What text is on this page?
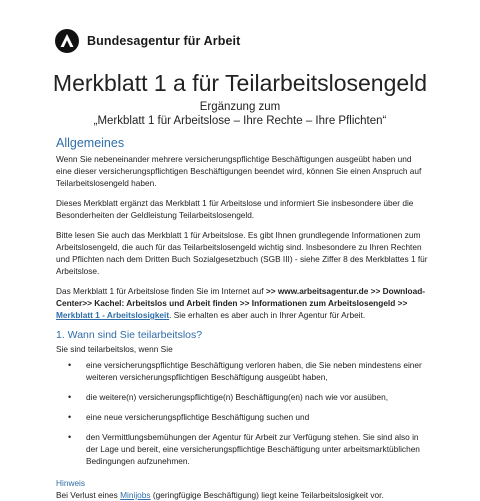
Bundesagentur für Arbeit
Merkblatt 1 a für Teilarbeitslosengeld
Ergänzung zum
„Merkblatt 1 für Arbeitslose – Ihre Rechte – Ihre Pflichten“
Allgemeines

Wenn Sie nebeneinander mehrere versicherungspflichtige Beschäftigungen ausgeübt haben und eine dieser versicherungspflichtigen Beschäftigungen beendet wird, können Sie einen Anspruch auf Teilarbeitslosengeld haben.

Dieses Merkblatt ergänzt das Merkblatt 1 für Arbeitslose und informiert Sie insbesondere über die Besonderheiten der Geldleistung Teilarbeitslosengeld.

Bitte lesen Sie auch das Merkblatt 1 für Arbeitslose. Es gibt Ihnen grundlegende Informationen zum Arbeitslosengeld, die auch für das Teilarbeitslosengeld wichtig sind. Insbesondere zu Ihren Rechten und Pflichten nach dem Dritten Buch Sozialgesetzbuch (SGB III) - siehe Ziffer 8 des Merkblattes 1 für Arbeitslose.

Das Merkblatt 1 für Arbeitslose finden Sie im Internet auf >> www.arbeitsagentur.de >> Download-Center>> Kachel: Arbeitslos und Arbeit finden >> Informationen zum Arbeitslosengeld >> Merkblatt 1 - Arbeitslosigkeit. Sie erhalten es aber auch in Ihrer Agentur für Arbeit.

1. Wann sind Sie teilarbeitslos?
Sie sind teilarbeitslos, wenn Sie
• eine versicherungspflichtige Beschäftigung verloren haben, die Sie neben mindestens einer weiteren versicherungspflichtigen Beschäftigung ausgeübt haben,
• die weitere(n) versicherungspflichtige(n) Beschäftigung(en) nach wie vor ausüben,
• eine neue versicherungspflichtige Beschäftigung suchen und
• den Vermittlungsbemühungen der Agentur für Arbeit zur Verfügung stehen. Sie sind also in der Lage und bereit, eine versicherungspflichtige Beschäftigung unter arbeitsmarktüblichen Bedingungen aufzunehmen.
Hinweis
Bei Verlust eines Minijobs (geringfügige Beschäftigung) liegt keine Teilarbeitslosigkeit vor.
